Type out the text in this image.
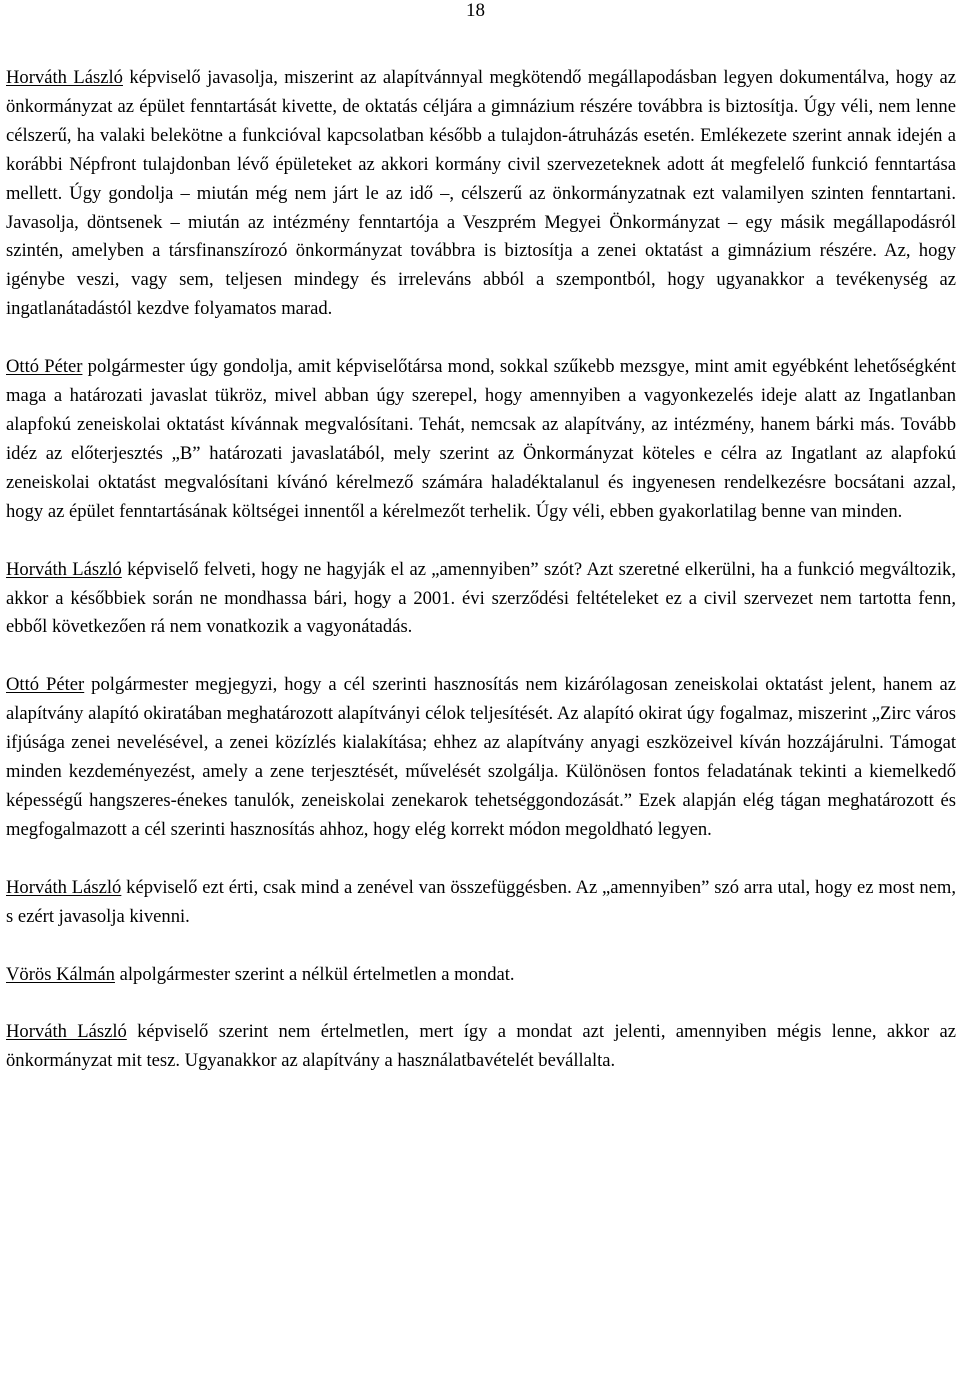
18

Horváth László képviselő javasolja, miszerint az alapítvánnyal megkötendő megállapodásban legyen dokumentálva, hogy az önkormányzat az épület fenntartását kivette, de oktatás céljára a gimnázium részére továbbra is biztosítja. Úgy véli, nem lenne célszerű, ha valaki belekötne a funkcióval kapcsolatban később a tulajdon-átruházás esetén. Emlékezete szerint annak idején a korábbi Népfront tulajdonban lévő épületeket az akkori kormány civil szervezeteknek adott át megfelelő funkció fenntartása mellett. Úgy gondolja – miután még nem járt le az idő –, célszerű az önkormányzatnak ezt valamilyen szinten fenntartani. Javasolja, döntsenek – miután az intézmény fenntartója a Veszprém Megyei Önkormányzat – egy másik megállapodásról szintén, amelyben a társfinanszírozó önkormányzat továbbra is biztosítja a zenei oktatást a gimnázium részére. Az, hogy igénybe veszi, vagy sem, teljesen mindegy és irreleváns abból a szempontból, hogy ugyanakkor a tevékenység az ingatlanátadástól kezdve folyamatos marad.

Ottó Péter polgármester úgy gondolja, amit képviselőtársa mond, sokkal szűkebb mezsgye, mint amit egyébként lehetőségként maga a határozati javaslat tükröz, mivel abban úgy szerepel, hogy amennyiben a vagyonkezelés ideje alatt az Ingatlanban alapfokú zeneiskolai oktatást kívánnak megvalósítani. Tehát, nemcsak az alapítvány, az intézmény, hanem bárki más. Tovább idéz az előterjesztés „B” határozati javaslatából, mely szerint az Önkormányzat köteles e célra az Ingatlant az alapfokú zeneiskolai oktatást megvalósítani kívánó kérelmező számára haladéktalanul és ingyenesen rendelkezésre bocsátani azzal, hogy az épület fenntartásának költségei innentől a kérelmezőt terhelik. Úgy véli, ebben gyakorlatilag benne van minden.

Horváth László képviselő felveti, hogy ne hagyják el az „amennyiben” szót? Azt szeretné elkerülni, ha a funkció megváltozik, akkor a későbbiek során ne mondhassa bári, hogy a 2001. évi szerződési feltételeket ez a civil szervezet nem tartotta fenn, ebből következően rá nem vonatkozik a vagyonátadás.

Ottó Péter polgármester megjegyzi, hogy a cél szerinti hasznosítás nem kizárólagosan zeneiskolai oktatást jelent, hanem az alapítvány alapító okiratában meghatározott alapítványi célok teljesítését. Az alapító okirat úgy fogalmaz, miszerint „Zirc város ifjúsága zenei nevelésével, a zenei közízlés kialakítása; ehhez az alapítvány anyagi eszközeivel kíván hozzájárulni. Támogat minden kezdeményezést, amely a zene terjesztését, művelését szolgálja. Különösen fontos feladatának tekinti a kiemelkedő képességű hangszeres-énekes tanulók, zeneiskolai zenekarok tehetséggondozását.” Ezek alapján elég tágan meghatározott és megfogalmazott a cél szerinti hasznosítás ahhoz, hogy elég korrekt módon megoldható legyen.

Horváth László képviselő ezt érti, csak mind a zenével van összefüggésben. Az „amennyiben” szó arra utal, hogy ez most nem, s ezért javasolja kivenni.

Vörös Kálmán alpolgármester szerint a nélkül értelmetlen a mondat.

Horváth László képviselő szerint nem értelmetlen, mert így a mondat azt jelenti, amennyiben mégis lenne, akkor az önkormányzat mit tesz. Ugyanakkor az alapítvány a használatbavételét bevállalta.
